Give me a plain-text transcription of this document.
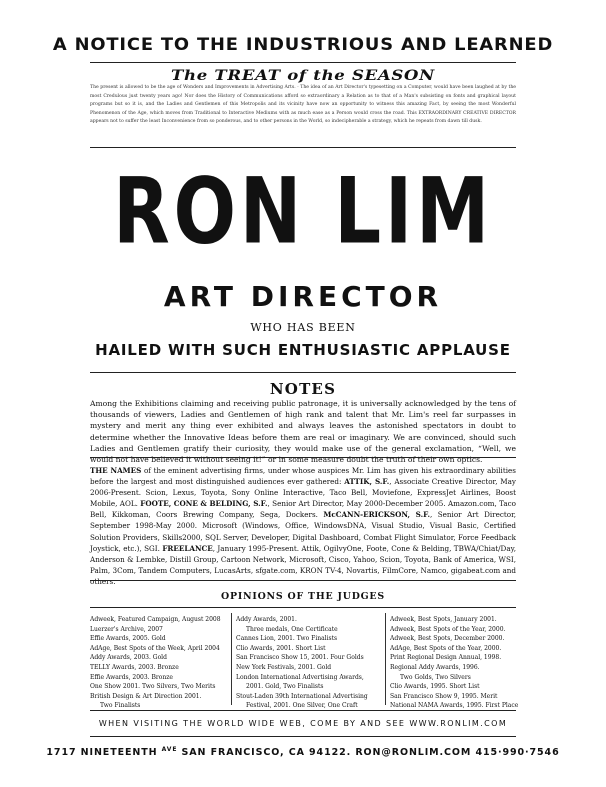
A NOTICE TO THE INDUSTRIOUS AND LEARNED
The TREAT of the SEASON
The present is allowed to be the age of Wonders and Improvements in Advertising Arts. · The idea of an Art Director's typesetting on a Computer, would have been laughed at by the most Credulous just twenty years ago! Nor does the History of Communications afford so extraordinary a Relation as to that of a Man's subsisting on fonts and graphical layout programs but so it is, and the Ladies and Gentlemen of this Metropolis and its vicinity have now an opportunity to witness this amazing Fact, by seeing the most Wonderful Phenomenon of the Age, which moves from Traditional to Interactive Mediums with as much ease as a Person would cross the road. This EXTRAORDINARY CREATIVE DIRECTOR appears not to suffer the least Inconvenience from so ponderous, and to other persons in the World, so indecipherable a strategy, which he repeats from dawn till dusk.
RON LIM
ART DIRECTOR
WHO HAS BEEN
HAILED WITH SUCH ENTHUSIASTIC APPLAUSE
NOTES
Among the Exhibitions claiming and receiving public patronage, it is universally acknowledged by the tens of thousands of viewers, Ladies and Gentlemen of high rank and talent that Mr. Lim's reel far surpasses in mystery and merit any thing ever exhibited and always leaves the astonished spectators in doubt to determine whether the Innovative Ideas before them are real or imaginary. We are convinced, should such Ladies and Gentlemen gratify their curiosity, they would make use of the general exclamation, “Well, we would not have believed it without seeing it!” or in some measure doubt the truth of their own optics.
THE NAMES of the eminent advertising firms, under whose auspices Mr. Lim has given his extraordinary abilities before the largest and most distinguished audiences ever gathered: ATTIK, S.F., Associate Creative Director, May 2006-Present. Scion, Lexus, Toyota, Sony Online Interactive, Taco Bell, Moviefone, ExpressJet Airlines, Boost Mobile, AOL. FOOTE, CONE & BELDING, S.F., Senior Art Director, May 2000-December 2005. Amazon.com, Taco Bell, Kikkoman, Coors Brewing Company, Sega, Dockers. McCANN-ERICKSON, S.F., Senior Art Director, September 1998-May 2000. Microsoft (Windows, Office, WindowsDNA, Visual Studio, Visual Basic, Certified Solution Providers, Skills2000, SQL Server, Developer, Digital Dashboard, Combat Flight Simulator, Force Feedback Joystick, etc.), SGI. FREELANCE, January 1995-Present. Attik, OgilvyOne, Foote, Cone & Belding, TBWA/Chiat/Day, Anderson & Lembke, Distill Group, Cartoon Network, Microsoft, Cisco, Yahoo, Scion, Toyota, Bank of America, WSI, Palm, 3Com, Tandem Computers, LucasArts, sfgate.com, KRON TV-4, Novartis, FilmCore, Namco, gigabeat.com and others.
OPINIONS OF THE JUDGES
Adweek, Featured Campaign, August 2008
Luerzer's Archive, 2007
Effie Awards, 2005. Gold
AdAge, Best Spots of the Week, April 2004
Addy Awards, 2003. Gold
TELLY Awards, 2003. Bronze
Effie Awards, 2003. Bronze
One Show 2001. Two Silvers, Two Merits
British Design & Art Direction 2001.
Two Finalists
Addy Awards, 2001.
Three medals, One Certificate
Cannes Lion, 2001. Two Finalists
Clio Awards, 2001. Short List
San Francisco Show 15, 2001. Four Golds
New York Festivals, 2001. Gold
London International Advertising Awards,
2001. Gold, Two Finalists
Stout-Laden 39th International Advertising
Festival, 2001. One Silver, One Craft
Adweek, Best Spots, January 2001.
Adweek, Best Spots of the Year, 2000.
Adweek, Best Spots, December 2000.
AdAge, Best Spots of the Year, 2000.
Print Regional Design Annual, 1998.
Regional Addy Awards, 1996.
Two Golds, Two Silvers
Clio Awards, 1995. Short List
San Francisco Show 9, 1995. Merit
National NAMA Awards, 1995. First Place
WHEN VISITING THE WORLD WIDE WEB, COME BY AND SEE WWW.RONLIM.COM
1717 NINETEENTH $^{AVE}$ SAN FRANCISCO, CA 94122. RON@RONLIM.COM 415·990·7546
